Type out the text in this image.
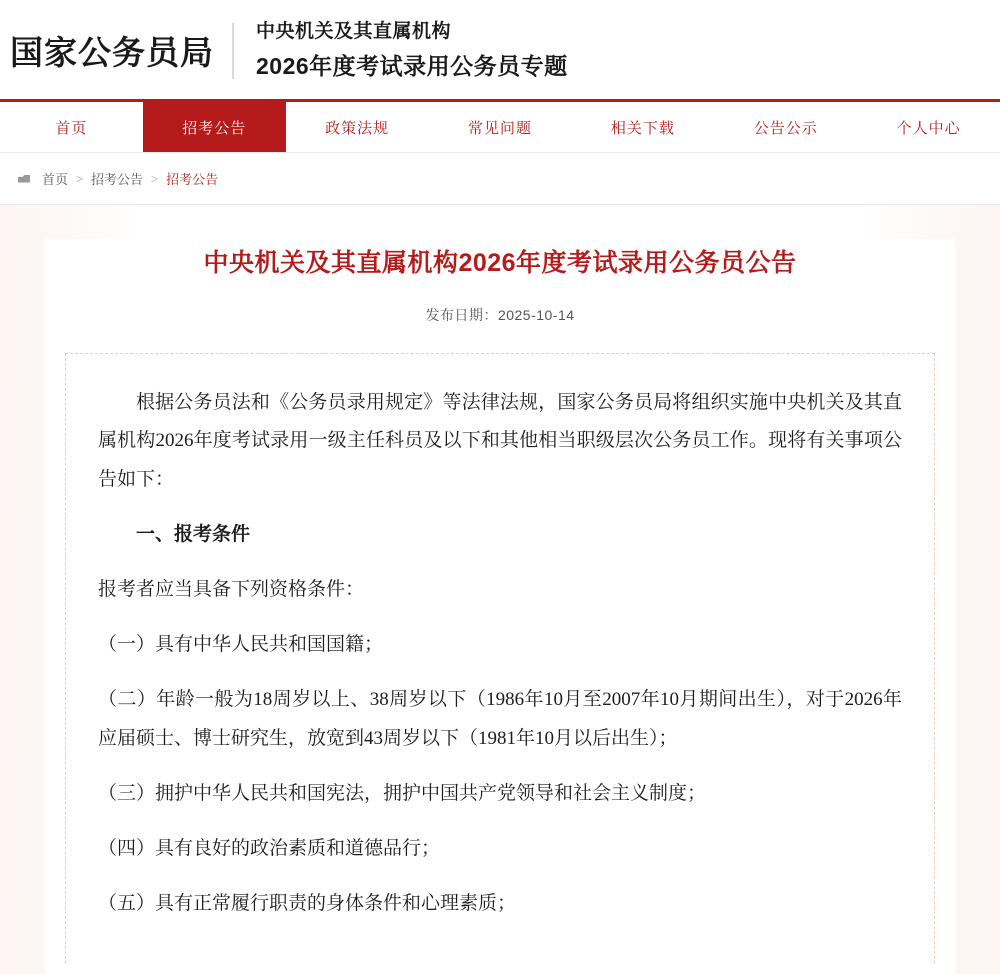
国家公务员局
中央机关及其直属机构
2026年度考试录用公务员专题
首页	招考公告	政策法规	常见问题	相关下载	公告公示	个人中心
首页 > 招考公告 > 招考公告
中央机关及其直属机构2026年度考试录用公务员公告
发布日期：2025-10-14

根据公务员法和《公务员录用规定》等法律法规，国家公务员局将组织实施中央机关及其直属机构2026年度考试录用一级主任科员及以下和其他相当职级层次公务员工作。现将有关事项公告如下：

一、报考条件

报考者应当具备下列资格条件：

（一）具有中华人民共和国国籍；

（二）年龄一般为18周岁以上、38周岁以下（1986年10月至2007年10月期间出生），对于2026年应届硕士、博士研究生，放宽到43周岁以下（1981年10月以后出生）；

（三）拥护中华人民共和国宪法，拥护中国共产党领导和社会主义制度；

（四）具有良好的政治素质和道德品行；

（五）具有正常履行职责的身体条件和心理素质；
